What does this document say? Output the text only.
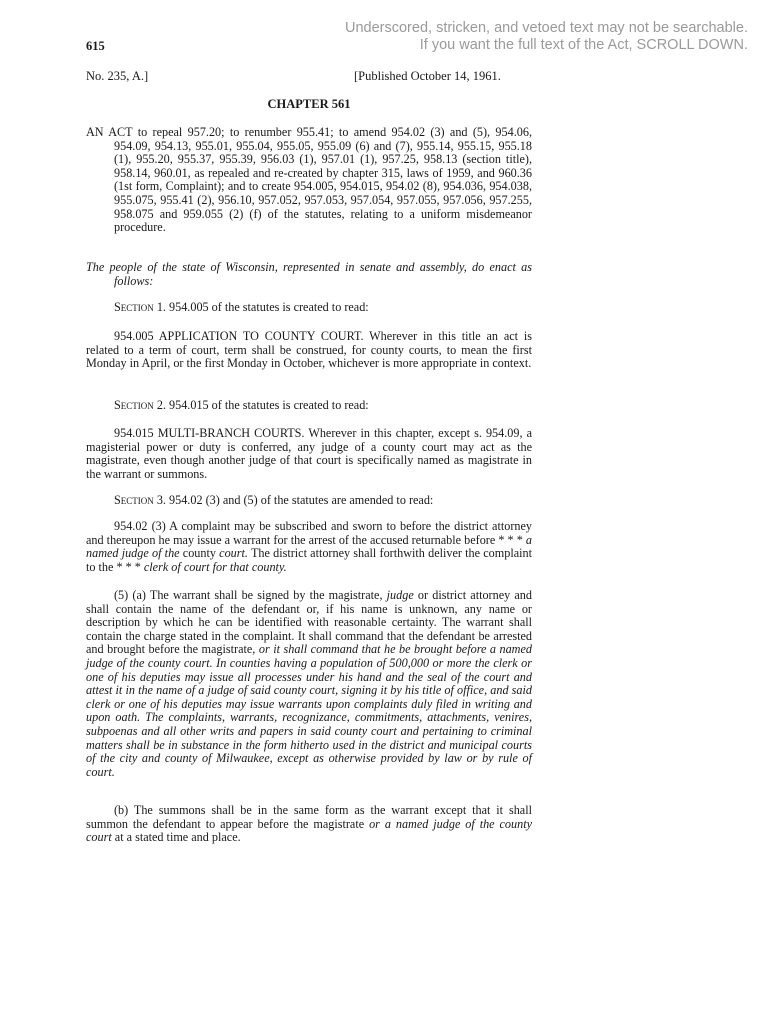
Underscored, stricken, and vetoed text may not be searchable.
If you want the full text of the Act, SCROLL DOWN.
615
No. 235, A.]	[Published October 14, 1961.
CHAPTER 561

AN ACT to repeal 957.20; to renumber 955.41; to amend 954.02 (3) and (5), 954.06, 954.09, 954.13, 955.01, 955.04, 955.05, 955.09 (6) and (7), 955.14, 955.15, 955.18 (1), 955.20, 955.37, 955.39, 956.03 (1), 957.01 (1), 957.25, 958.13 (section title), 958.14, 960.01, as repealed and re-created by chapter 315, laws of 1959, and 960.36 (1st form, Complaint); and to create 954.005, 954.015, 954.02 (8), 954.036, 954.038, 955.075, 955.41 (2), 956.10, 957.052, 957.053, 957.054, 957.055, 957.056, 957.255, 958.075 and 959.055 (2) (f) of the statutes, relating to a uniform misdemeanor procedure.

The people of the state of Wisconsin, represented in senate and assembly, do enact as follows:

Section 1. 954.005 of the statutes is created to read:

954.005 APPLICATION TO COUNTY COURT. Wherever in this title an act is related to a term of court, term shall be construed, for county courts, to mean the first Monday in April, or the first Monday in October, whichever is more appropriate in context.

Section 2. 954.015 of the statutes is created to read:

954.015 MULTI-BRANCH COURTS. Wherever in this chapter, except s. 954.09, a magisterial power or duty is conferred, any judge of a county court may act as the magistrate, even though another judge of that court is specifically named as magistrate in the warrant or summons.

Section 3. 954.02 (3) and (5) of the statutes are amended to read:

954.02 (3) A complaint may be subscribed and sworn to before the district attorney and thereupon he may issue a warrant for the arrest of the accused returnable before * * * a named judge of the county court. The district attorney shall forthwith deliver the complaint to the * * * clerk of court for that county.

(5) (a) The warrant shall be signed by the magistrate, judge or district attorney and shall contain the name of the defendant or, if his name is unknown, any name or description by which he can be identified with reasonable certainty. The warrant shall contain the charge stated in the complaint. It shall command that the defendant be arrested and brought before the magistrate, or it shall command that he be brought before a named judge of the county court. In counties having a population of 500,000 or more the clerk or one of his deputies may issue all processes under his hand and the seal of the court and attest it in the name of a judge of said county court, signing it by his title of office, and said clerk or one of his deputies may issue warrants upon complaints duly filed in writing and upon oath. The complaints, warrants, recognizance, commitments, attachments, venires, subpoenas and all other writs and papers in said county court and pertaining to criminal matters shall be in substance in the form hitherto used in the district and municipal courts of the city and county of Milwaukee, except as otherwise provided by law or by rule of court.

(b) The summons shall be in the same form as the warrant except that it shall summon the defendant to appear before the magistrate or a named judge of the county court at a stated time and place.
